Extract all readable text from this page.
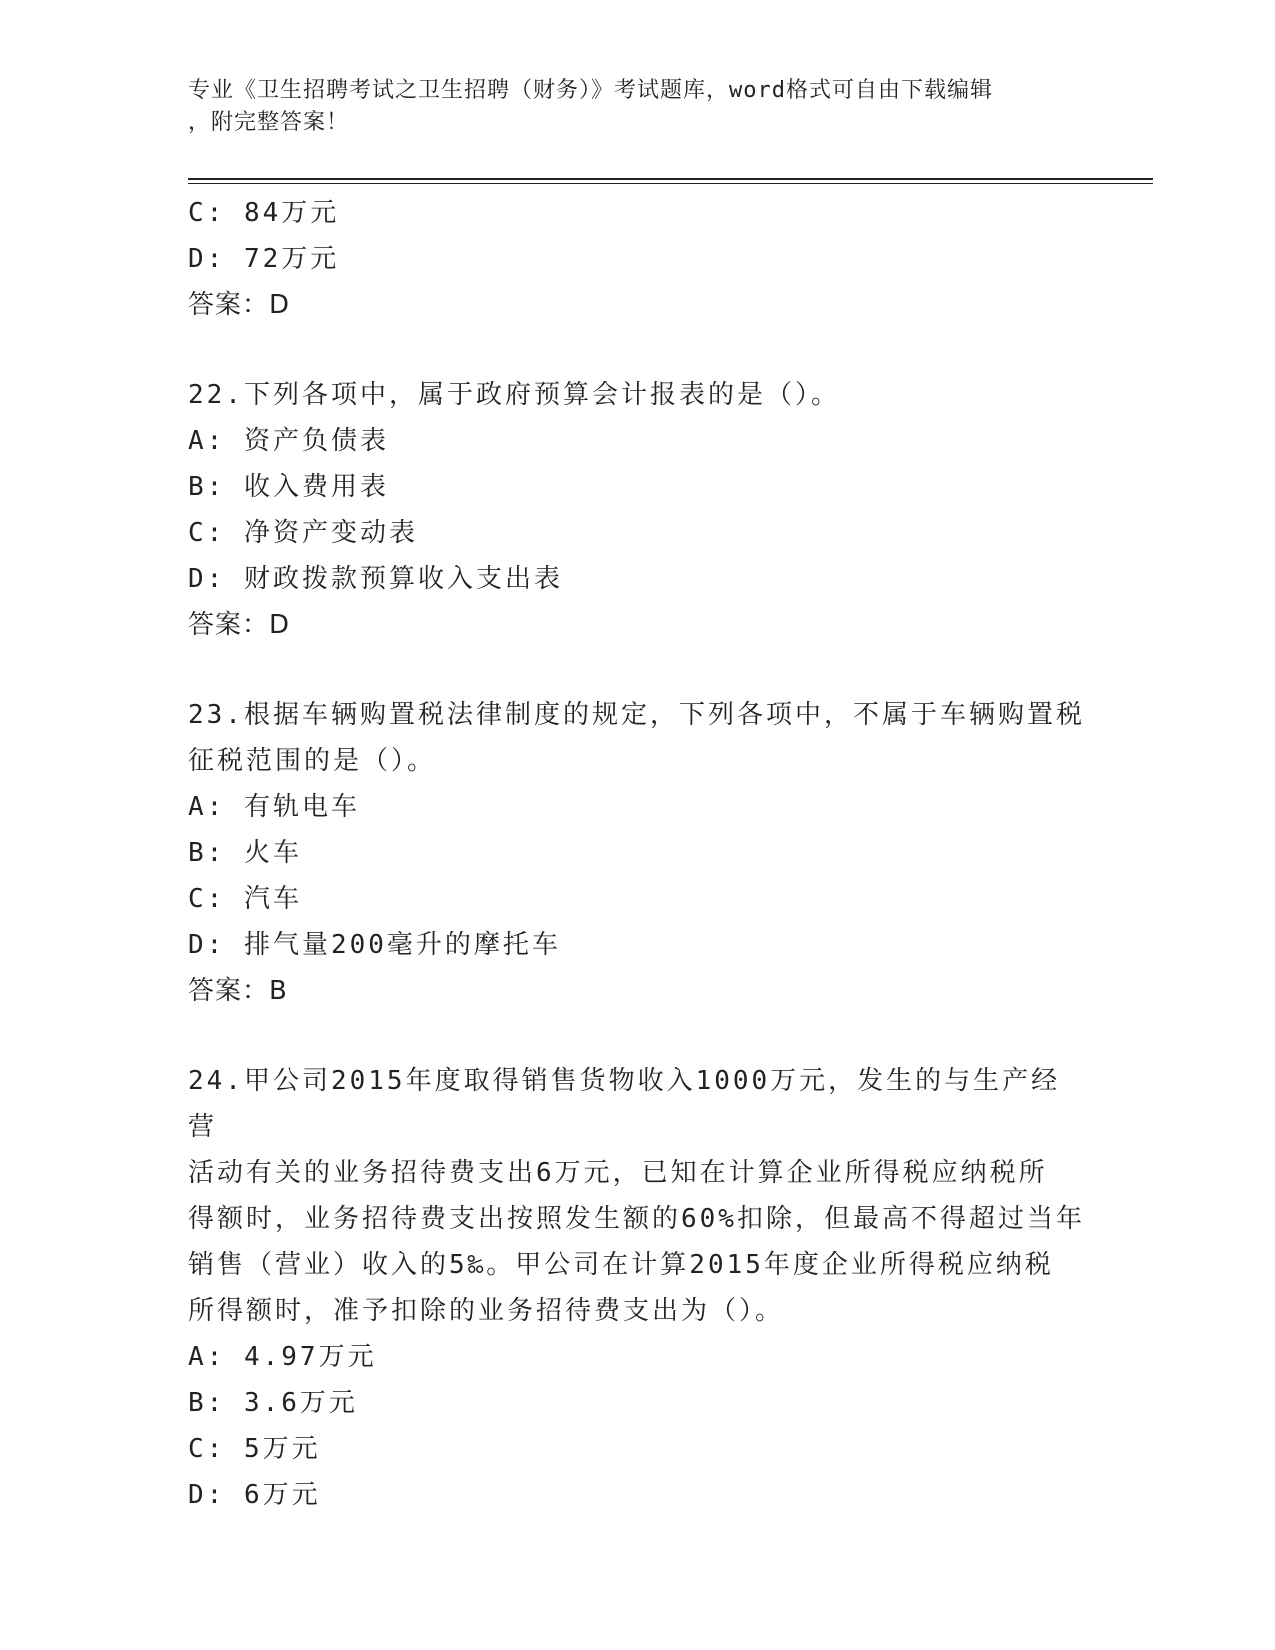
专业《卫生招聘考试之卫生招聘（财务）》考试题库，word格式可自由下载编辑
，附完整答案！
C: 84万元
D: 72万元
答案：D
22.下列各项中，属于政府预算会计报表的是（）。
A: 资产负债表
B: 收入费用表
C: 净资产变动表
D: 财政拨款预算收入支出表
答案：D
23.根据车辆购置税法律制度的规定，下列各项中，不属于车辆购置税
征税范围的是（）。
A: 有轨电车
B: 火车
C: 汽车
D: 排气量200毫升的摩托车
答案：B
24.甲公司2015年度取得销售货物收入1000万元，发生的与生产经营
活动有关的业务招待费支出6万元，已知在计算企业所得税应纳税所
得额时，业务招待费支出按照发生额的60%扣除，但最高不得超过当年
销售（营业）收入的5‰。甲公司在计算2015年度企业所得税应纳税
所得额时，准予扣除的业务招待费支出为（）。
A: 4.97万元
B: 3.6万元
C: 5万元
D: 6万元
